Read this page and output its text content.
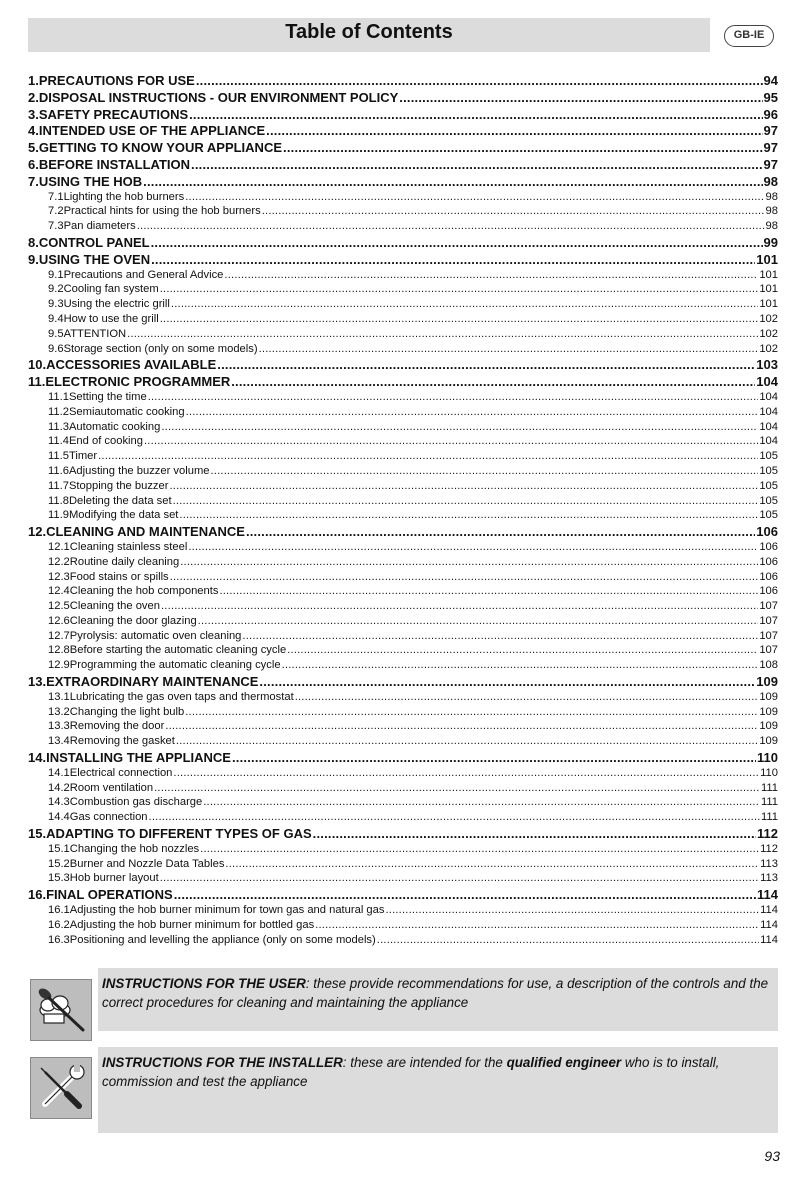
Table of Contents	GB-IE
1. PRECAUTIONS FOR USE .....	94
2. DISPOSAL INSTRUCTIONS - OUR ENVIRONMENT POLICY .....	95
3. SAFETY PRECAUTIONS .....	96
4. INTENDED USE OF THE APPLIANCE .....	97
5. GETTING TO KNOW YOUR APPLIANCE .....	97
6. BEFORE INSTALLATION .....	97
7. USING THE HOB .....	98
7.1 Lighting the hob burners .....	98
7.2 Practical hints for using the hob burners .....	98
7.3 Pan diameters .....	98
8. CONTROL PANEL .....	99
9. USING THE OVEN .....	101
9.1 Precautions and General Advice .....	101
9.2 Cooling fan system .....	101
9.3 Using the electric grill .....	101
9.4 How to use the grill .....	102
9.5 ATTENTION .....	102
9.6 Storage section (only on some models) .....	102
10. ACCESSORIES AVAILABLE .....	103
11. ELECTRONIC PROGRAMMER .....	104
11.1 Setting the time .....	104
11.2 Semiautomatic cooking .....	104
11.3 Automatic cooking .....	104
11.4 End of cooking .....	104
11.5 Timer .....	105
11.6 Adjusting the buzzer volume .....	105
11.7 Stopping the buzzer .....	105
11.8 Deleting the data set .....	105
11.9 Modifying the data set .....	105
12. CLEANING AND MAINTENANCE .....	106
12.1 Cleaning stainless steel .....	106
12.2 Routine daily cleaning .....	106
12.3 Food stains or spills .....	106
12.4 Cleaning the hob components .....	106
12.5 Cleaning the oven .....	107
12.6 Cleaning the door glazing .....	107
12.7 Pyrolysis: automatic oven cleaning .....	107
12.8 Before starting the automatic cleaning cycle .....	107
12.9 Programming the automatic cleaning cycle .....	108
13. EXTRAORDINARY MAINTENANCE .....	109
13.1 Lubricating the gas oven taps and thermostat .....	109
13.2 Changing the light bulb .....	109
13.3 Removing the door .....	109
13.4 Removing the gasket .....	109
14. INSTALLING THE APPLIANCE .....	110
14.1 Electrical connection .....	110
14.2 Room ventilation .....	111
14.3 Combustion gas discharge .....	111
14.4 Gas connection .....	111
15. ADAPTING TO DIFFERENT TYPES OF GAS .....	112
15.1 Changing the hob nozzles .....	112
15.2 Burner and Nozzle Data Tables .....	113
15.3 Hob burner layout .....	113
16. FINAL OPERATIONS .....	114
16.1 Adjusting the hob burner minimum for town gas and natural gas .....	114
16.2 Adjusting the hob burner minimum for bottled gas .....	114
16.3 Positioning and levelling the appliance (only on some models) .....	114
INSTRUCTIONS FOR THE USER: these provide recommendations for use, a description of the controls and the correct procedures for cleaning and maintaining the appliance
INSTRUCTIONS FOR THE INSTALLER: these are intended for the qualified engineer who is to install, commission and test the appliance
93
